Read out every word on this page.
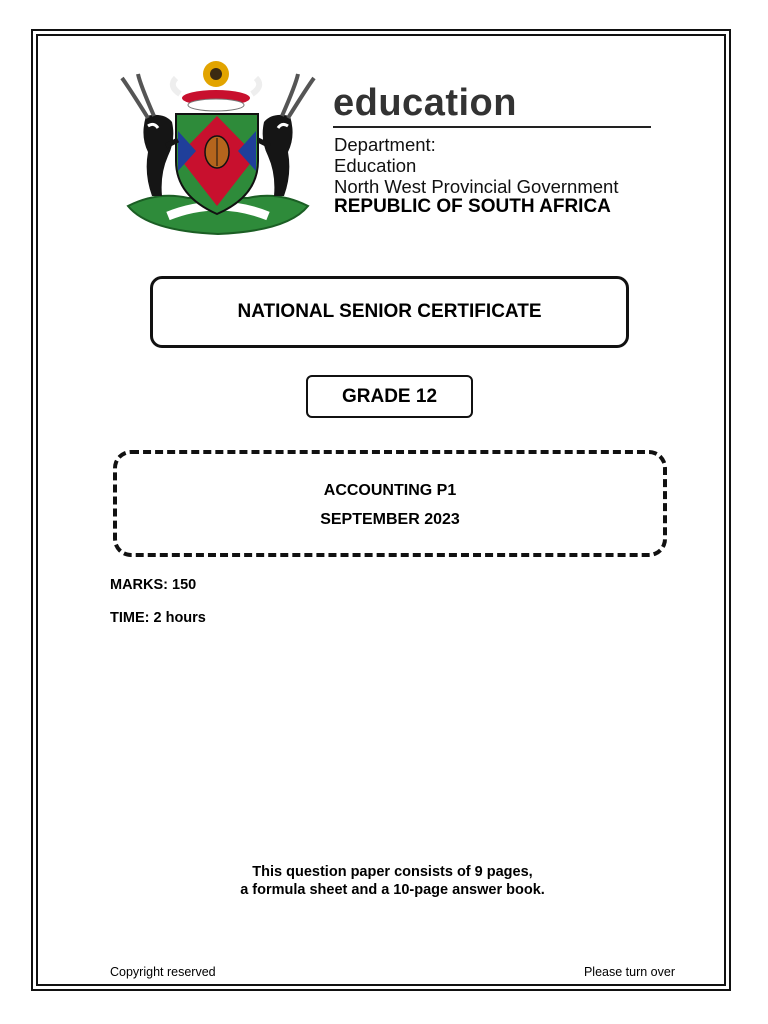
education
Department:
Education
North West Provincial Government
REPUBLIC OF SOUTH AFRICA
NATIONAL SENIOR CERTIFICATE
GRADE 12
ACCOUNTING P1
SEPTEMBER 2023
MARKS: 150
TIME: 2 hours
This question paper consists of 9 pages,
a formula sheet and a 10-page answer book.
Copyright reserved	Please turn over
